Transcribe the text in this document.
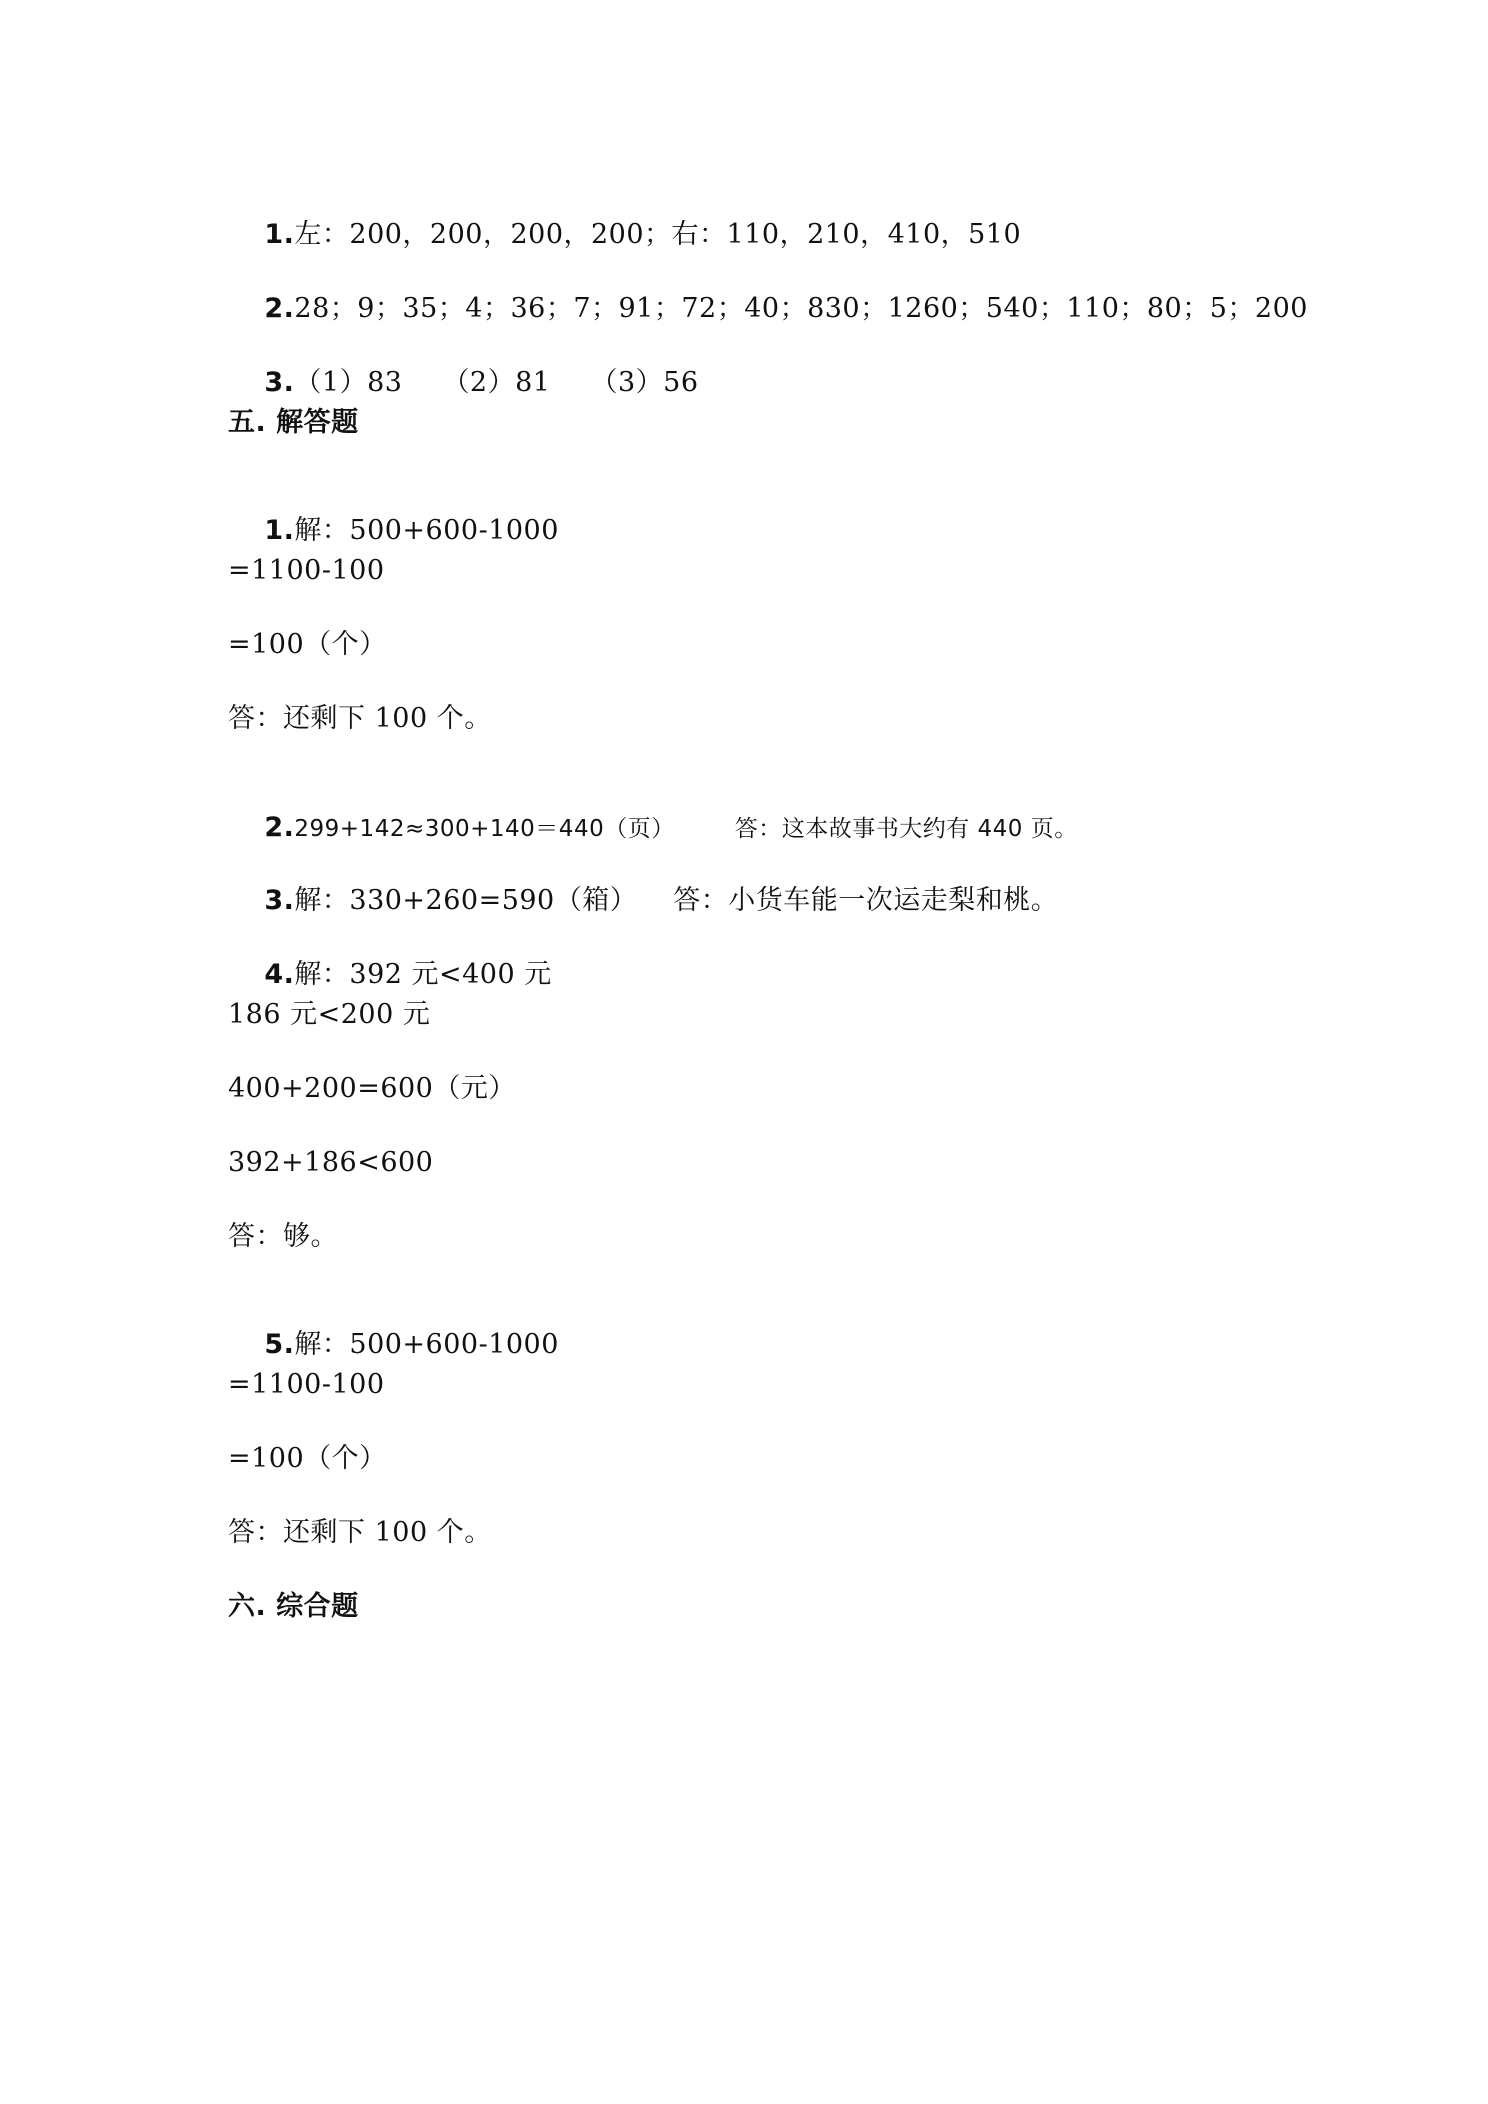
1.左：200，200，200，200；右：110，210，410，510

2.28；9；35；4；36；7；91；72；40；830；1260；540；110；80；5；200

3.（1）83 （2）81 （3）56

五. 解答题

1.解：500+600-1000

=1100-100
=100（个）
答：还剩下 100 个。

2.299+142≈300+140＝440（页）	答：这本故事书大约有 440 页。

3.解：330+260=590（箱） 答：小货车能一次运走梨和桃。

4.解：392 元<400 元

186 元<200 元
400+200=600（元）
392+186<600
答：够。

5.解：500+600-1000

=1100-100
=100（个）
答：还剩下 100 个。
六. 综合题
